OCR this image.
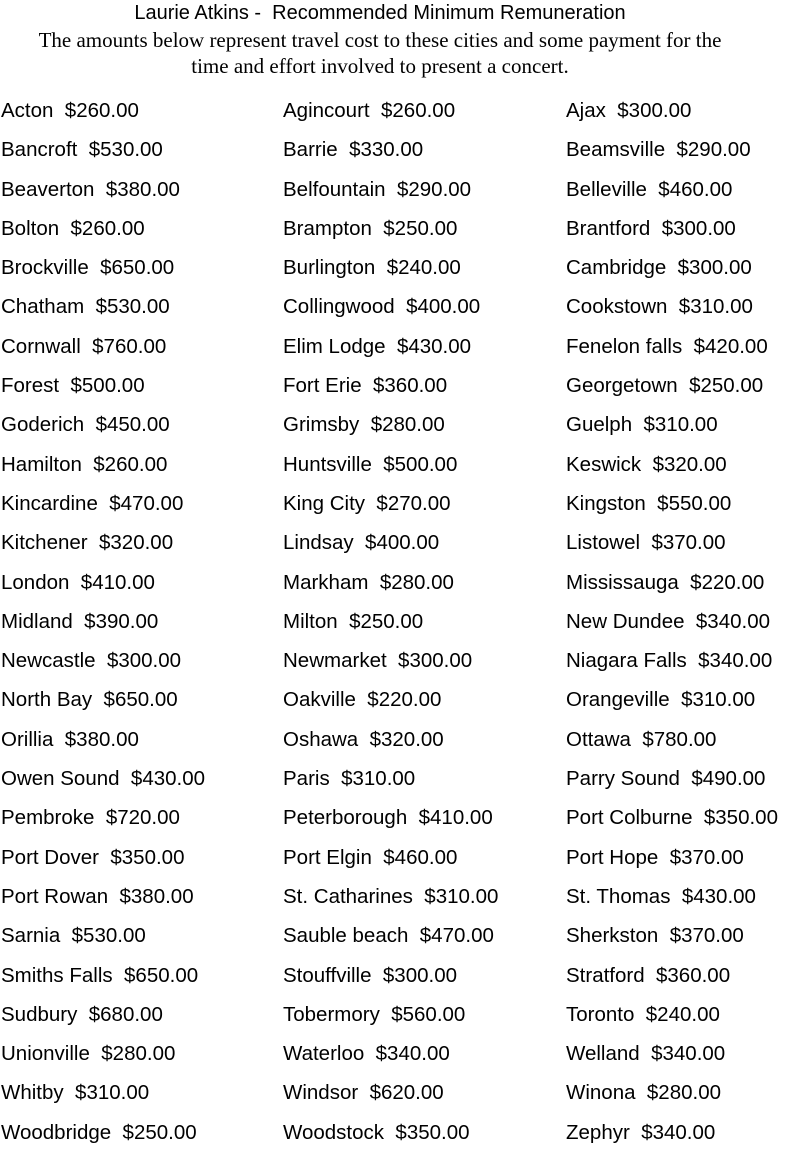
Laurie Atkins -  Recommended Minimum Remuneration
The amounts below represent travel cost to these cities and some payment for the
time and effort involved to present a concert.
Acton  $260.00	Agincourt  $260.00	Ajax  $300.00
Bancroft  $530.00	Barrie  $330.00	Beamsville  $290.00
Beaverton  $380.00	Belfountain  $290.00	Belleville  $460.00
Bolton  $260.00	Brampton  $250.00	Brantford  $300.00
Brockville  $650.00	Burlington  $240.00	Cambridge  $300.00
Chatham  $530.00	Collingwood  $400.00	Cookstown  $310.00
Cornwall  $760.00	Elim Lodge  $430.00	Fenelon falls  $420.00
Forest  $500.00	Fort Erie  $360.00	Georgetown  $250.00
Goderich  $450.00	Grimsby  $280.00	Guelph  $310.00
Hamilton  $260.00	Huntsville  $500.00	Keswick  $320.00
Kincardine  $470.00	King City  $270.00	Kingston  $550.00
Kitchener  $320.00	Lindsay  $400.00	Listowel  $370.00
London  $410.00	Markham  $280.00	Mississauga  $220.00
Midland  $390.00	Milton  $250.00	New Dundee  $340.00
Newcastle  $300.00	Newmarket  $300.00	Niagara Falls  $340.00
North Bay  $650.00	Oakville  $220.00	Orangeville  $310.00
Orillia  $380.00	Oshawa  $320.00	Ottawa  $780.00
Owen Sound  $430.00	Paris  $310.00	Parry Sound  $490.00
Pembroke  $720.00	Peterborough  $410.00	Port Colburne  $350.00
Port Dover  $350.00	Port Elgin  $460.00	Port Hope  $370.00
Port Rowan  $380.00	St. Catharines  $310.00	St. Thomas  $430.00
Sarnia  $530.00	Sauble beach  $470.00	Sherkston  $370.00
Smiths Falls  $650.00	Stouffville  $300.00	Stratford  $360.00
Sudbury  $680.00	Tobermory  $560.00	Toronto  $240.00
Unionville  $280.00	Waterloo  $340.00	Welland  $340.00
Whitby  $310.00	Windsor  $620.00	Winona  $280.00
Woodbridge  $250.00	Woodstock  $350.00	Zephyr  $340.00
